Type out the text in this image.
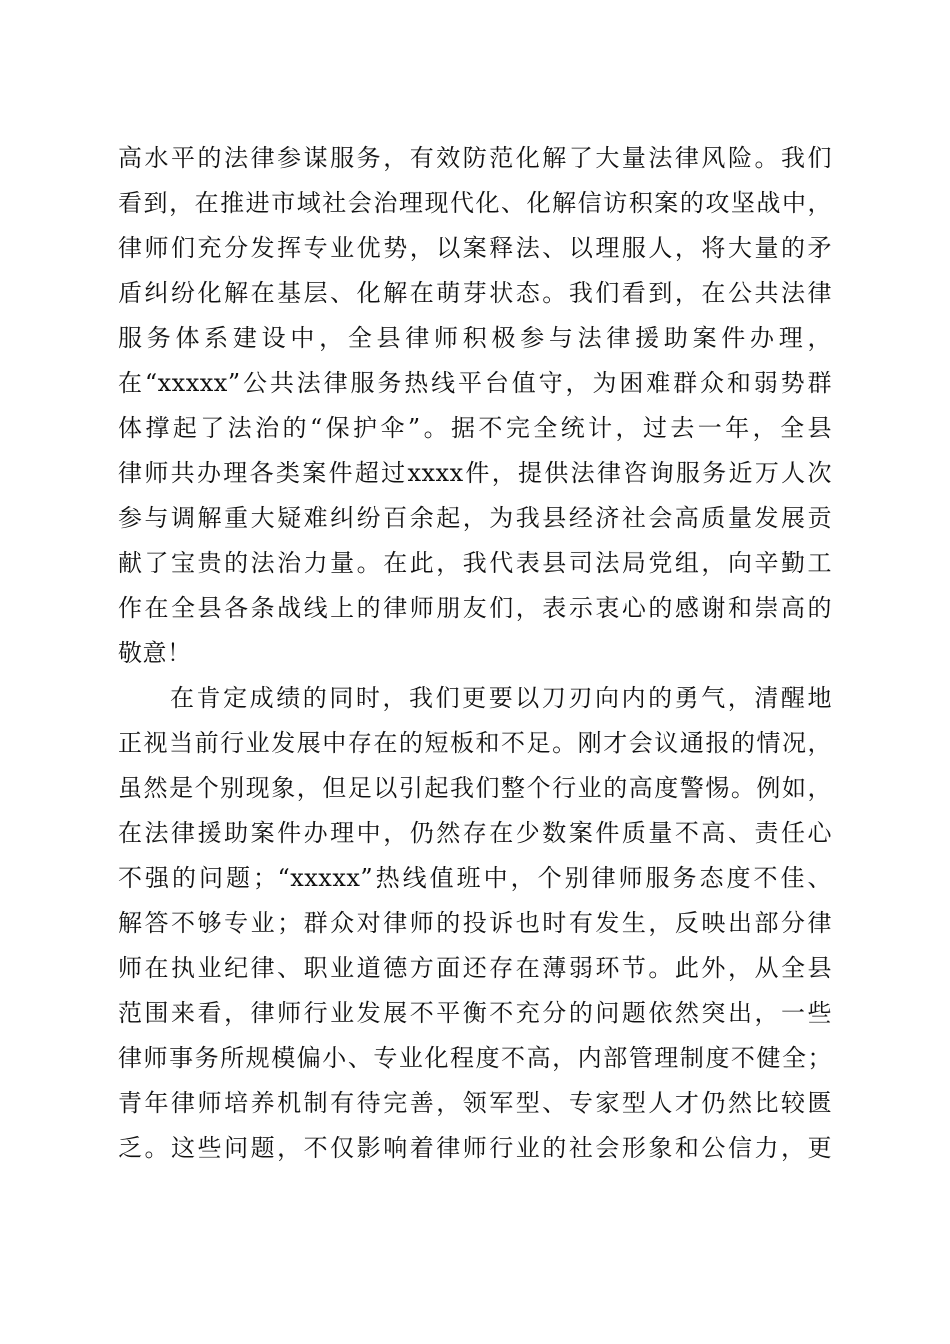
高水平的法律参谋服务，有效防范化解了大量法律风险。我们
看到，在推进市域社会治理现代化、化解信访积案的攻坚战中，
律师们充分发挥专业优势，以案释法、以理服人，将大量的矛
盾纠纷化解在基层、化解在萌芽状态。我们看到，在公共法律
服务体系建设中，全县律师积极参与法律援助案件办理，
在“xxxxx”公共法律服务热线平台值守，为困难群众和弱势群
体撑起了法治的“保护伞”。据不完全统计，过去一年，全县
律师共办理各类案件超过xxxx件，提供法律咨询服务近万人次
参与调解重大疑难纠纷百余起，为我县经济社会高质量发展贡
献了宝贵的法治力量。在此，我代表县司法局党组，向辛勤工
作在全县各条战线上的律师朋友们，表示衷心的感谢和崇高的
敬意！
在肯定成绩的同时，我们更要以刀刃向内的勇气，清醒地
正视当前行业发展中存在的短板和不足。刚才会议通报的情况，
虽然是个别现象，但足以引起我们整个行业的高度警惕。例如，
在法律援助案件办理中，仍然存在少数案件质量不高、责任心
不强的问题；“xxxxx”热线值班中，个别律师服务态度不佳、
解答不够专业；群众对律师的投诉也时有发生，反映出部分律
师在执业纪律、职业道德方面还存在薄弱环节。此外，从全县
范围来看，律师行业发展不平衡不充分的问题依然突出，一些
律师事务所规模偏小、专业化程度不高，内部管理制度不健全；
青年律师培养机制有待完善，领军型、专家型人才仍然比较匮
乏。这些问题，不仅影响着律师行业的社会形象和公信力，更
